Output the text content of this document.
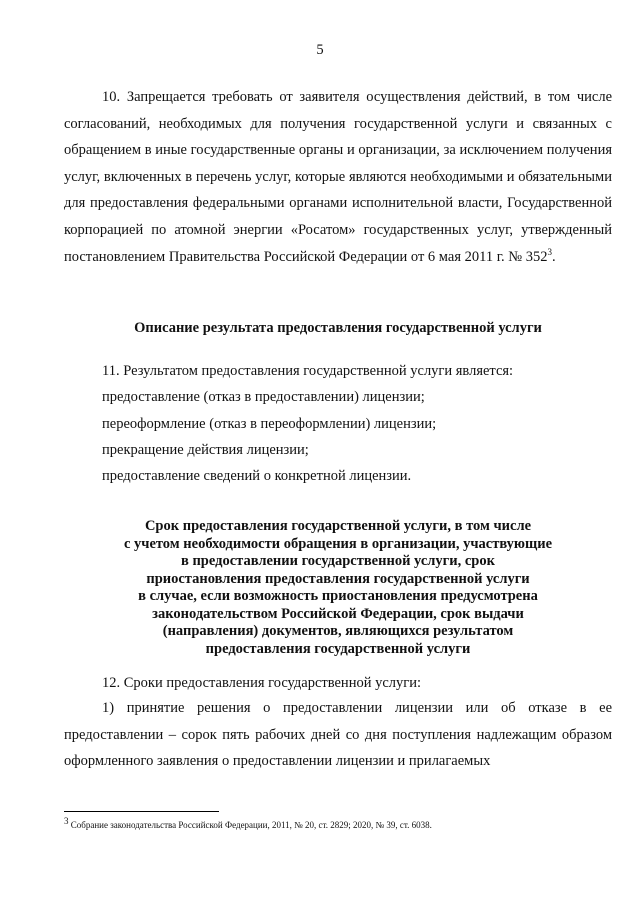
5

10. Запрещается требовать от заявителя осуществления действий, в том числе согласований, необходимых для получения государственной услуги и связанных с обращением в иные государственные органы и организации, за исключением получения услуг, включенных в перечень услуг, которые являются необходимыми и обязательными для предоставления федеральными органами исполнительной власти, Государственной корпорацией по атомной энергии «Росатом» государственных услуг, утвержденный постановлением Правительства Российской Федерации от 6 мая 2011 г. № $352^3$.

Описание результата предоставления государственной услуги

11. Результатом предоставления государственной услуги является:

предоставление (отказ в предоставлении) лицензии;

переоформление (отказ в переоформлении) лицензии;

прекращение действия лицензии;

предоставление сведений о конкретной лицензии.

Срок предоставления государственной услуги, в том числе

с учетом необходимости обращения в организации, участвующие

в предоставлении государственной услуги, срок

приостановления предоставления государственной услуги

в случае, если возможность приостановления предусмотрена

законодательством Российской Федерации, срок выдачи

(направления) документов, являющихся результатом

предоставления государственной услуги

12. Сроки предоставления государственной услуги:

1) принятие решения о предоставлении лицензии или об отказе в ее предоставлении – сорок пять рабочих дней со дня поступления надлежащим образом оформленного заявления о предоставлении лицензии и прилагаемых

$^3$ Собрание законодательства Российской Федерации, 2011, № 20, ст. 2829; 2020, № 39, ст. 6038.
